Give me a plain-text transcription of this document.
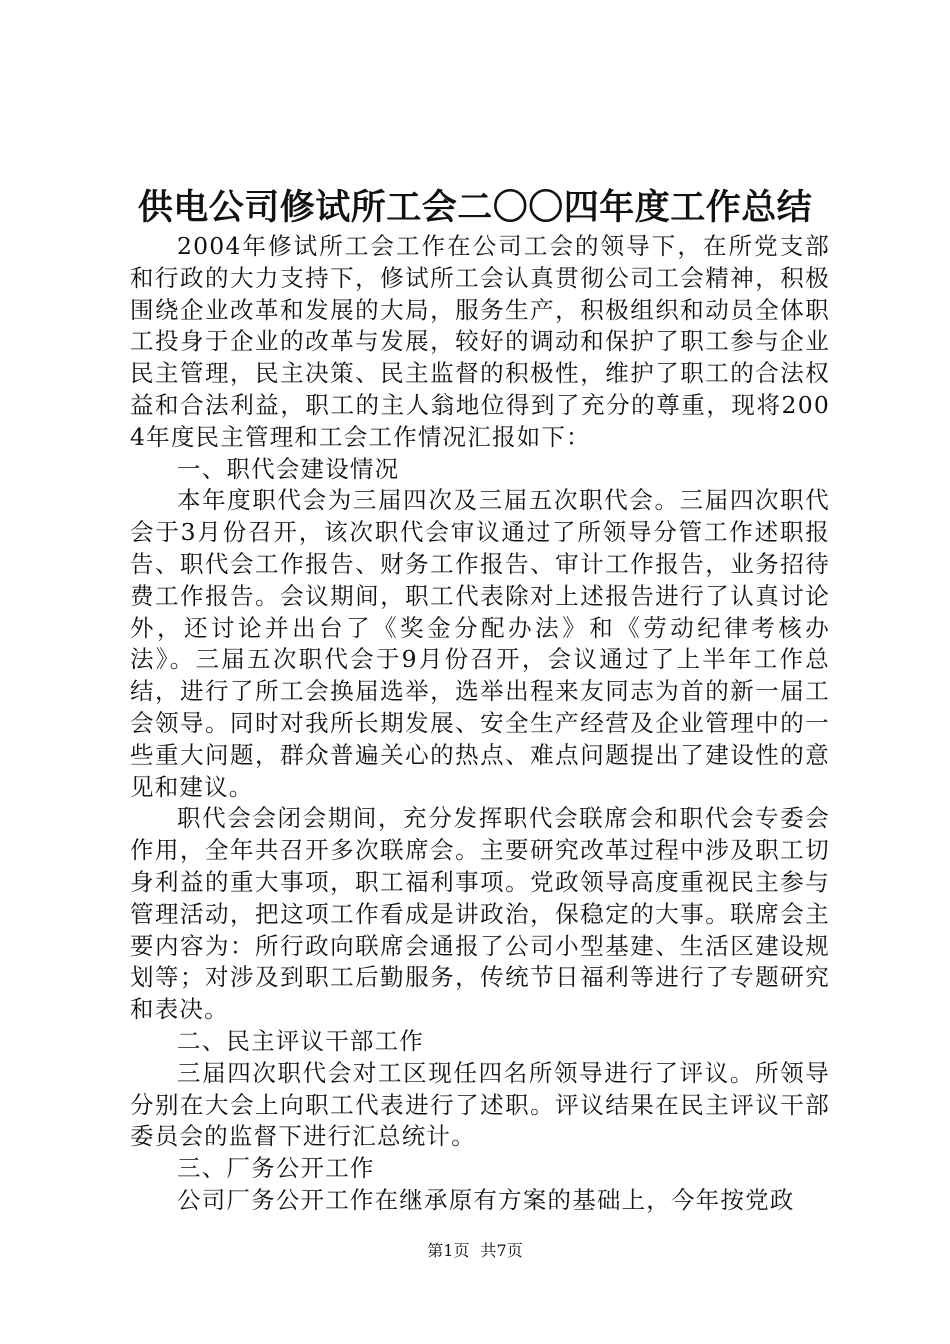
供电公司修试所工会二〇〇四年度工作总结

2004年修试所工会工作在公司工会的领导下，在所党支部和行政的大力支持下，修试所工会认真贯彻公司工会精神，积极围绕企业改革和发展的大局，服务生产，积极组织和动员全体职工投身于企业的改革与发展，较好的调动和保护了职工参与企业民主管理，民主决策、民主监督的积极性，维护了职工的合法权益和合法利益，职工的主人翁地位得到了充分的尊重，现将2004年度民主管理和工会工作情况汇报如下：

一、职代会建设情况

本年度职代会为三届四次及三届五次职代会。三届四次职代会于3月份召开，该次职代会审议通过了所领导分管工作述职报告、职代会工作报告、财务工作报告、审计工作报告，业务招待费工作报告。会议期间，职工代表除对上述报告进行了认真讨论外，还讨论并出台了《奖金分配办法》和《劳动纪律考核办法》。三届五次职代会于9月份召开，会议通过了上半年工作总结，进行了所工会换届选举，选举出程来友同志为首的新一届工会领导。同时对我所长期发展、安全生产经营及企业管理中的一些重大问题，群众普遍关心的热点、难点问题提出了建设性的意见和建议。

职代会会闭会期间，充分发挥职代会联席会和职代会专委会作用，全年共召开多次联席会。主要研究改革过程中涉及职工切身利益的重大事项，职工福利事项。党政领导高度重视民主参与管理活动，把这项工作看成是讲政治，保稳定的大事。联席会主要内容为：所行政向联席会通报了公司小型基建、生活区建设规划等；对涉及到职工后勤服务，传统节日福利等进行了专题研究和表决。

二、民主评议干部工作

三届四次职代会对工区现任四名所领导进行了评议。所领导分别在大会上向职工代表进行了述职。评议结果在民主评议干部委员会的监督下进行汇总统计。

三、厂务公开工作

公司厂务公开工作在继承原有方案的基础上，今年按党政

第1页 共7页
